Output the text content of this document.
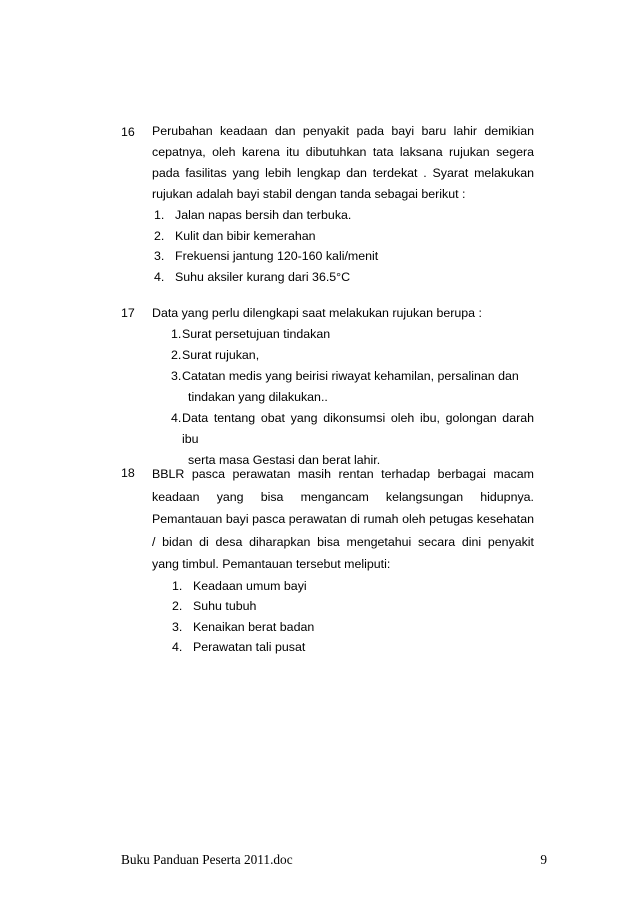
16 Perubahan keadaan dan penyakit pada bayi baru lahir demikian cepatnya, oleh karena itu dibutuhkan tata laksana rujukan segera pada fasilitas yang lebih lengkap dan terdekat . Syarat melakukan rujukan adalah bayi stabil dengan tanda sebagai berikut :

1. Jalan napas bersih dan terbuka.
2. Kulit dan bibir kemerahan
3. Frekuensi jantung 120-160 kali/menit
4. Suhu aksiler kurang dari 36.5°C
17 Data yang perlu dilengkapi saat melakukan rujukan berupa :

1. Surat persetujuan tindakan
2. Surat rujukan,
3. Catatan medis yang beirisi riwayat kehamilan, persalinan dan
tindakan yang dilakukan..
4. Data tentang obat yang dikonsumsi oleh ibu, golongan darah ibu
serta masa Gestasi dan berat lahir.
18 BBLR pasca perawatan masih rentan terhadap berbagai macam keadaan yang bisa mengancam kelangsungan hidupnya. Pemantauan bayi pasca perawatan di rumah oleh petugas kesehatan / bidan di desa diharapkan bisa mengetahui secara dini penyakit yang timbul. Pemantauan tersebut meliputi:

1. Keadaan umum bayi
2. Suhu tubuh
3. Kenaikan berat badan
4. Perawatan tali pusat
Buku Panduan Peserta 2011.doc	9
